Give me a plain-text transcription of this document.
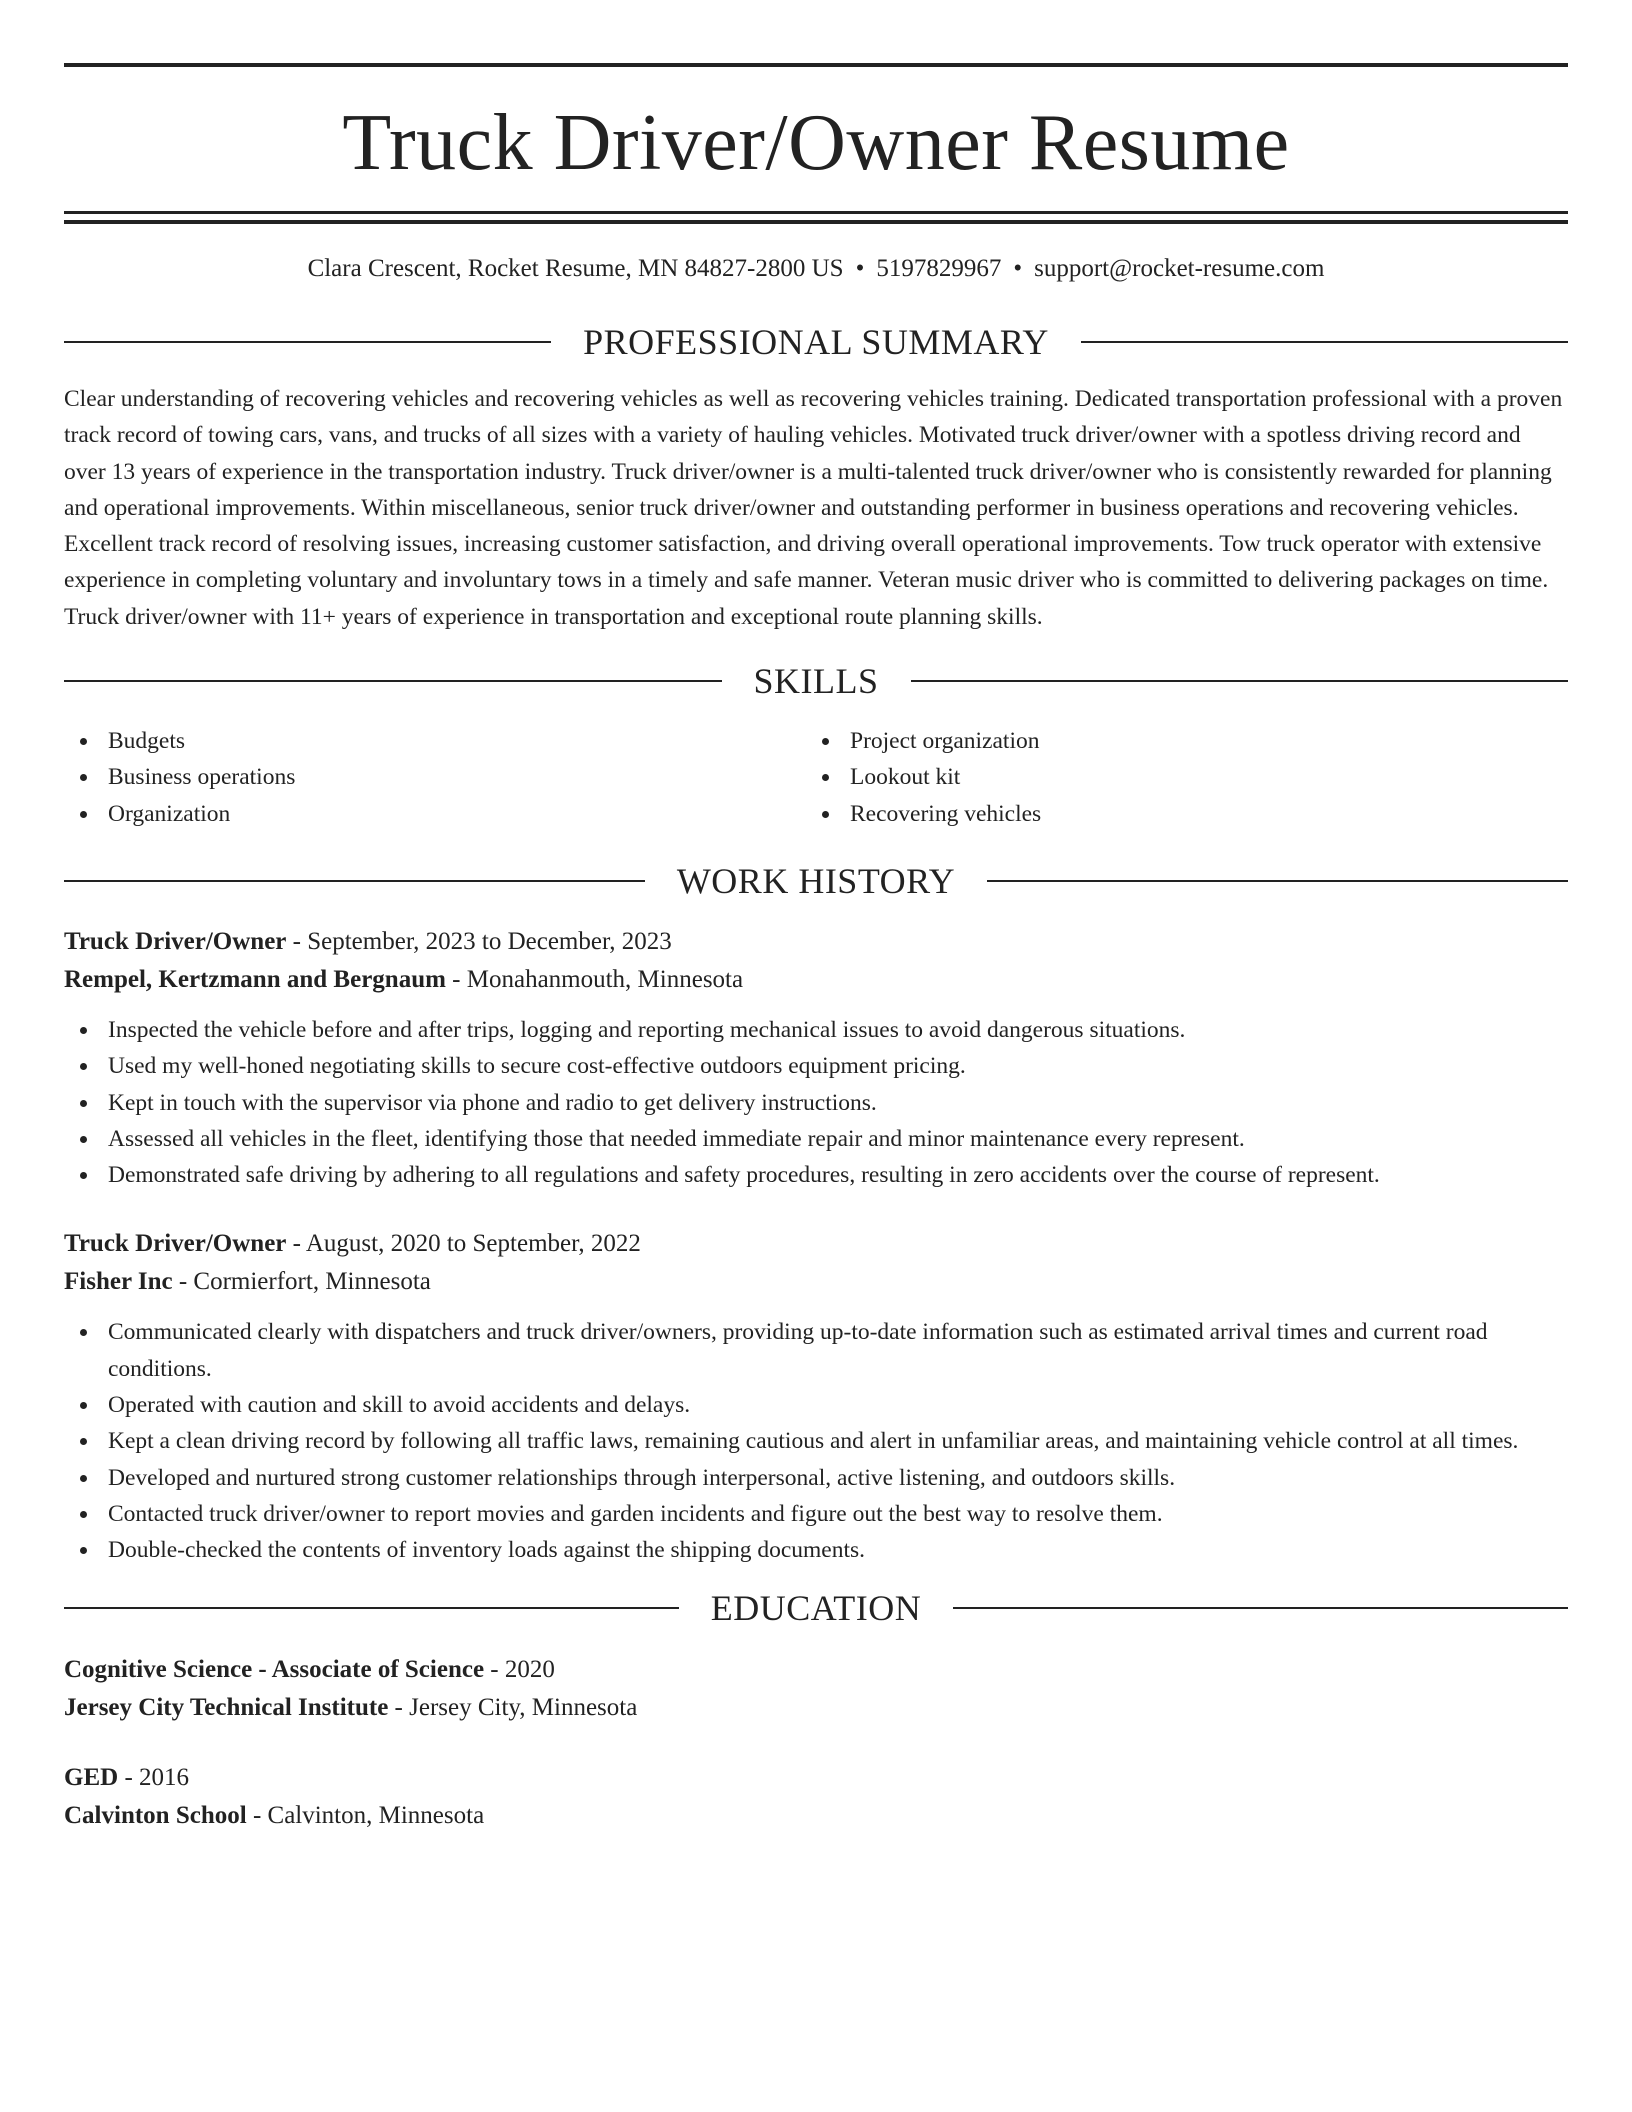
Truck Driver/Owner Resume
Clara Crescent, Rocket Resume, MN 84827-2800 US • 5197829967 • support@rocket-resume.com
PROFESSIONAL SUMMARY

Clear understanding of recovering vehicles and recovering vehicles as well as recovering vehicles training. Dedicated transportation professional with a proven track record of towing cars, vans, and trucks of all sizes with a variety of hauling vehicles. Motivated truck driver/owner with a spotless driving record and over 13 years of experience in the transportation industry. Truck driver/owner is a multi-talented truck driver/owner who is consistently rewarded for planning and operational improvements. Within miscellaneous, senior truck driver/owner and outstanding performer in business operations and recovering vehicles. Excellent track record of resolving issues, increasing customer satisfaction, and driving overall operational improvements. Tow truck operator with extensive experience in completing voluntary and involuntary tows in a timely and safe manner. Veteran music driver who is committed to delivering packages on time. Truck driver/owner with 11+ years of experience in transportation and exceptional route planning skills.

SKILLS
Budgets
Business operations
Organization
Project organization
Lookout kit
Recovering vehicles
WORK HISTORY
Truck Driver/Owner - September, 2023 to December, 2023
Rempel, Kertzmann and Bergnaum - Monahanmouth, Minnesota
Inspected the vehicle before and after trips, logging and reporting mechanical issues to avoid dangerous situations.
Used my well-honed negotiating skills to secure cost-effective outdoors equipment pricing.
Kept in touch with the supervisor via phone and radio to get delivery instructions.
Assessed all vehicles in the fleet, identifying those that needed immediate repair and minor maintenance every represent.
Demonstrated safe driving by adhering to all regulations and safety procedures, resulting in zero accidents over the course of represent.
Truck Driver/Owner - August, 2020 to September, 2022
Fisher Inc - Cormierfort, Minnesota
Communicated clearly with dispatchers and truck driver/owners, providing up-to-date information such as estimated arrival times and current road conditions.
Operated with caution and skill to avoid accidents and delays.
Kept a clean driving record by following all traffic laws, remaining cautious and alert in unfamiliar areas, and maintaining vehicle control at all times.
Developed and nurtured strong customer relationships through interpersonal, active listening, and outdoors skills.
Contacted truck driver/owner to report movies and garden incidents and figure out the best way to resolve them.
Double-checked the contents of inventory loads against the shipping documents.
EDUCATION
Cognitive Science - Associate of Science - 2020
Jersey City Technical Institute - Jersey City, Minnesota
GED - 2016
Calvinton School - Calvinton, Minnesota
